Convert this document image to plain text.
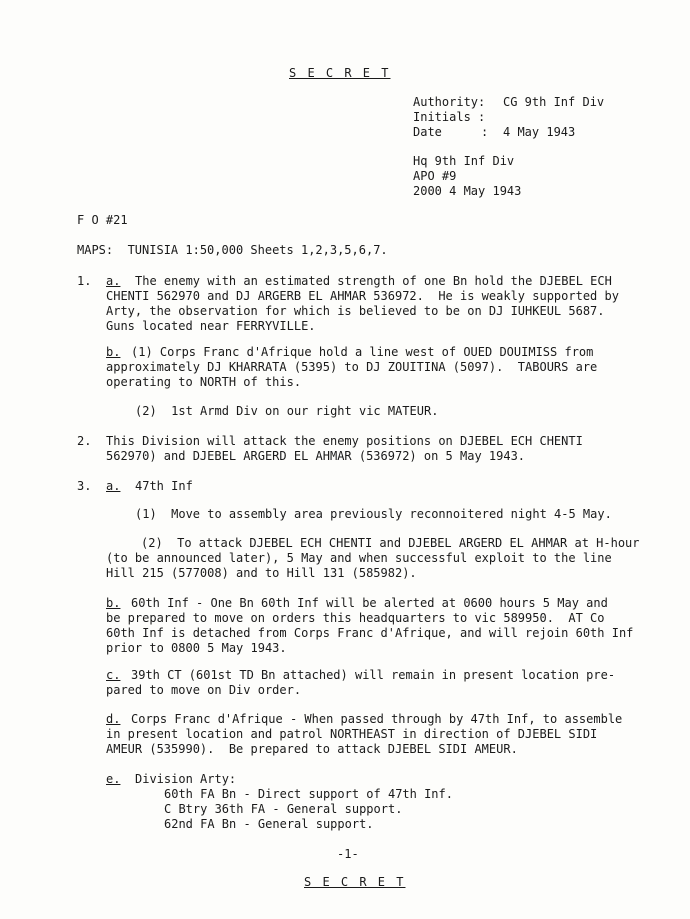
S E C R E T
Authority: CG 9th Inf Div
Initials :
Date	: 4 May 1943
Hq 9th Inf Div
APO #9
2000 4 May 1943
F O #21
MAPS:  TUNISIA 1:50,000 Sheets 1,2,3,5,6,7.
1. a. The enemy with an estimated strength of one Bn hold the DJEBEL ECH
CHENTI 562970 and DJ ARGERB EL AHMAR 536972.  He is weakly supported by
Arty, the observation for which is believed to be on DJ IUHKEUL 5687.
Guns located near FERRYVILLE.
b. (1) Corps Franc d'Afrique hold a line west of OUED DOUIMISS from
approximately DJ KHARRATA (5395) to DJ ZOUITINA (5097).  TABOURS are
operating to NORTH of this.
(2)  1st Armd Div on our right vic MATEUR.
2. This Division will attack the enemy positions on DJEBEL ECH CHENTI
562970) and DJEBEL ARGERD EL AHMAR (536972) on 5 May 1943.
3. a. 47th Inf
(1)  Move to assembly area previously reconnoitered night 4-5 May.
(2)  To attack DJEBEL ECH CHENTI and DJEBEL ARGERD EL AHMAR at H-hour
(to be announced later), 5 May and when successful exploit to the line
Hill 215 (577008) and to Hill 131 (585982).
b. 60th Inf - One Bn 60th Inf will be alerted at 0600 hours 5 May and
be prepared to move on orders this headquarters to vic 589950.  AT Co
60th Inf is detached from Corps Franc d'Afrique, and will rejoin 60th Inf
prior to 0800 5 May 1943.
c. 39th CT (601st TD Bn attached) will remain in present location pre-
pared to move on Div order.
d. Corps Franc d'Afrique - When passed through by 47th Inf, to assemble
in present location and patrol NORTHEAST in direction of DJEBEL SIDI
AMEUR (535990).  Be prepared to attack DJEBEL SIDI AMEUR.
e. Division Arty:
60th FA Bn - Direct support of 47th Inf.
C Btry 36th FA - General support.
62nd FA Bn - General support.
-1-
S E C R E T
